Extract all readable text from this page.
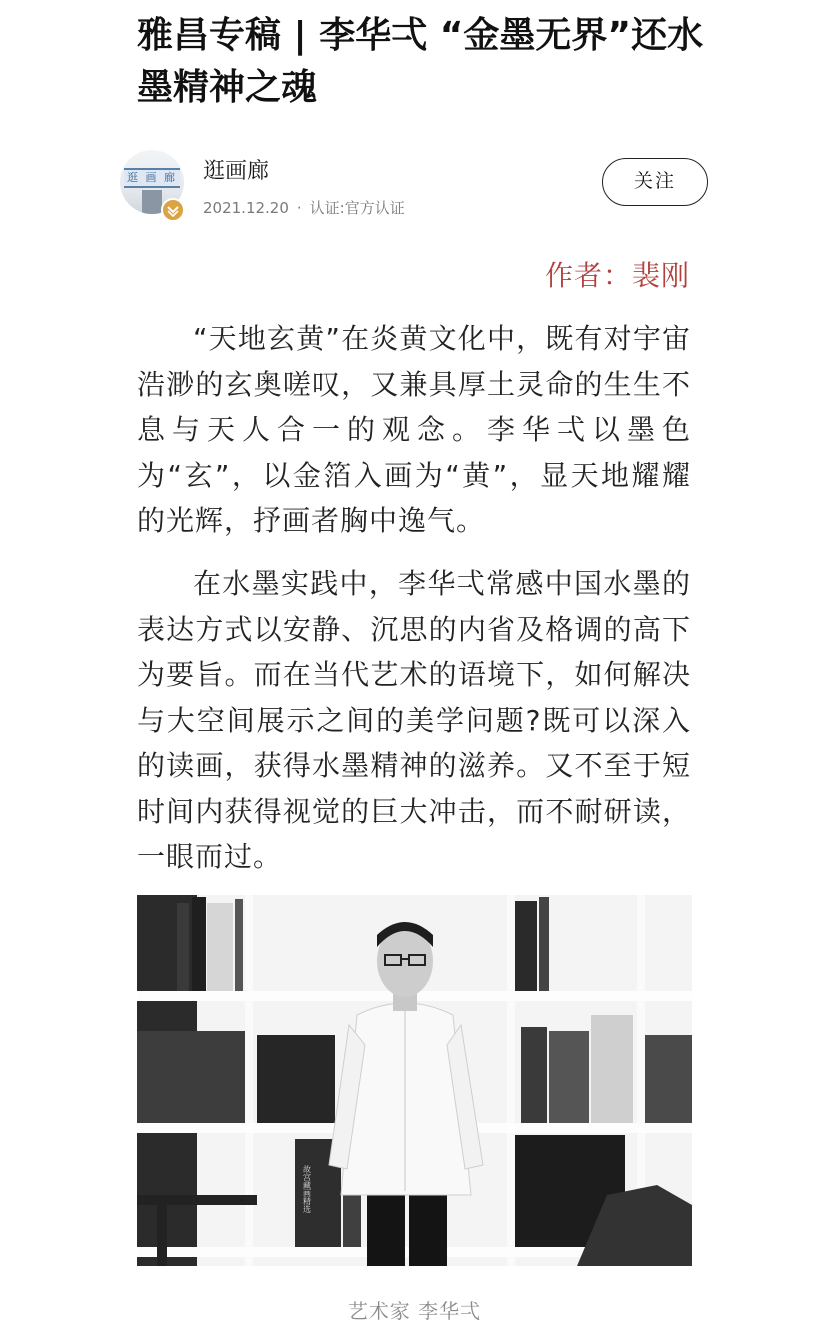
雅昌专稿 | 李华弌 “金墨无界”还水墨精神之魂
逛 画 廊 逛画廊
2021.12.20 · 认证:官方认证
关注
作者：裴刚

“天地玄黄”在炎黄文化中，既有对宇宙浩渺的玄奥嗟叹，又兼具厚土灵命的生生不息与天人合一的观念。李华弌以墨色为“玄”，以金箔入画为“黄”，显天地耀耀的光辉，抒画者胸中逸气。

在水墨实践中，李华弌常感中国水墨的表达方式以安静、沉思的内省及格调的高下为要旨。而在当代艺术的语境下，如何解决与大空间展示之间的美学问题?既可以深入的读画，获得水墨精神的滋养。又不至于短时间内获得视觉的巨大冲击，而不耐研读，一眼而过。

故宫藏画精选
艺术家 李华弌
